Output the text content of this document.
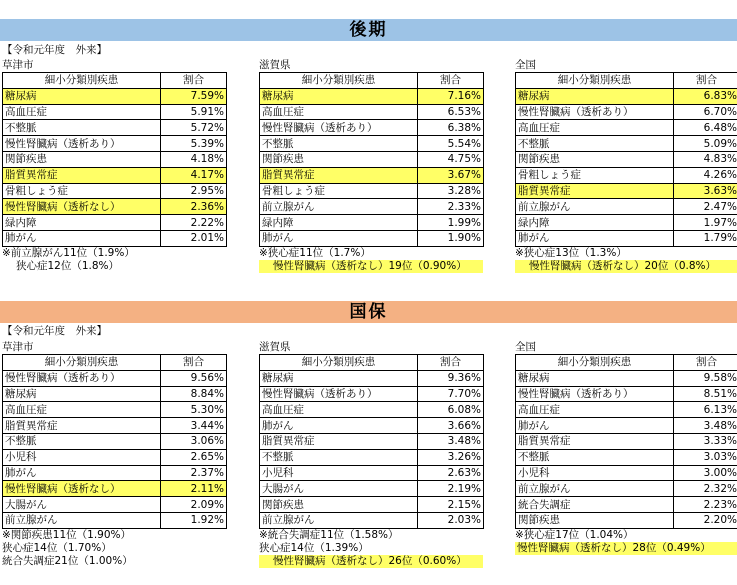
後期
【令和元年度　外来】
草津市
細小分類別疾患	割合
糖尿病	7.59%
高血圧症	5.91%
不整脈	5.72%
慢性腎臓病（透析あり）	5.39%
関節疾患	4.18%
脂質異常症	4.17%
骨粗しょう症	2.95%
慢性腎臓病（透析なし）	2.36%
緑内障	2.22%
肺がん	2.01%
※前立腺がん11位（1.9%）
狭心症12位（1.8%）
滋賀県
細小分類別疾患	割合
糖尿病	7.16%
高血圧症	6.53%
慢性腎臓病（透析あり）	6.38%
不整脈	5.54%
関節疾患	4.75%
脂質異常症	3.67%
骨粗しょう症	3.28%
前立腺がん	2.33%
緑内障	1.99%
肺がん	1.90%
※狭心症11位（1.7%）
慢性腎臓病（透析なし）19位（0.90%）
全国
細小分類別疾患	割合
糖尿病	6.83%
慢性腎臓病（透析あり）	6.70%
高血圧症	6.48%
不整脈	5.09%
関節疾患	4.83%
骨粗しょう症	4.26%
脂質異常症	3.63%
前立腺がん	2.47%
緑内障	1.97%
肺がん	1.79%
※狭心症13位（1.3%）
慢性腎臓病（透析なし）20位（0.8%）
国保
【令和元年度　外来】
草津市
細小分類別疾患	割合
慢性腎臓病（透析あり）	9.56%
糖尿病	8.84%
高血圧症	5.30%
脂質異常症	3.44%
不整脈	3.06%
小児科	2.65%
肺がん	2.37%
慢性腎臓病（透析なし）	2.11%
大腸がん	2.09%
前立腺がん	1.92%
※関節疾患11位（1.90%）
狭心症14位（1.70%）
統合失調症21位（1.00%）
滋賀県
細小分類別疾患	割合
糖尿病	9.36%
慢性腎臓病（透析あり）	7.70%
高血圧症	6.08%
肺がん	3.66%
脂質異常症	3.48%
不整脈	3.26%
小児科	2.63%
大腸がん	2.19%
関節疾患	2.15%
前立腺がん	2.03%
※統合失調症11位（1.58%）
狭心症14位（1.39%）
慢性腎臓病（透析なし）26位（0.60%）
全国
細小分類別疾患	割合
糖尿病	9.58%
慢性腎臓病（透析あり）	8.51%
高血圧症	6.13%
肺がん	3.48%
脂質異常症	3.33%
不整脈	3.03%
小児科	3.00%
前立腺がん	2.32%
統合失調症	2.23%
関節疾患	2.20%
※狭心症17位（1.04%）
慢性腎臓病（透析なし）28位（0.49%）
